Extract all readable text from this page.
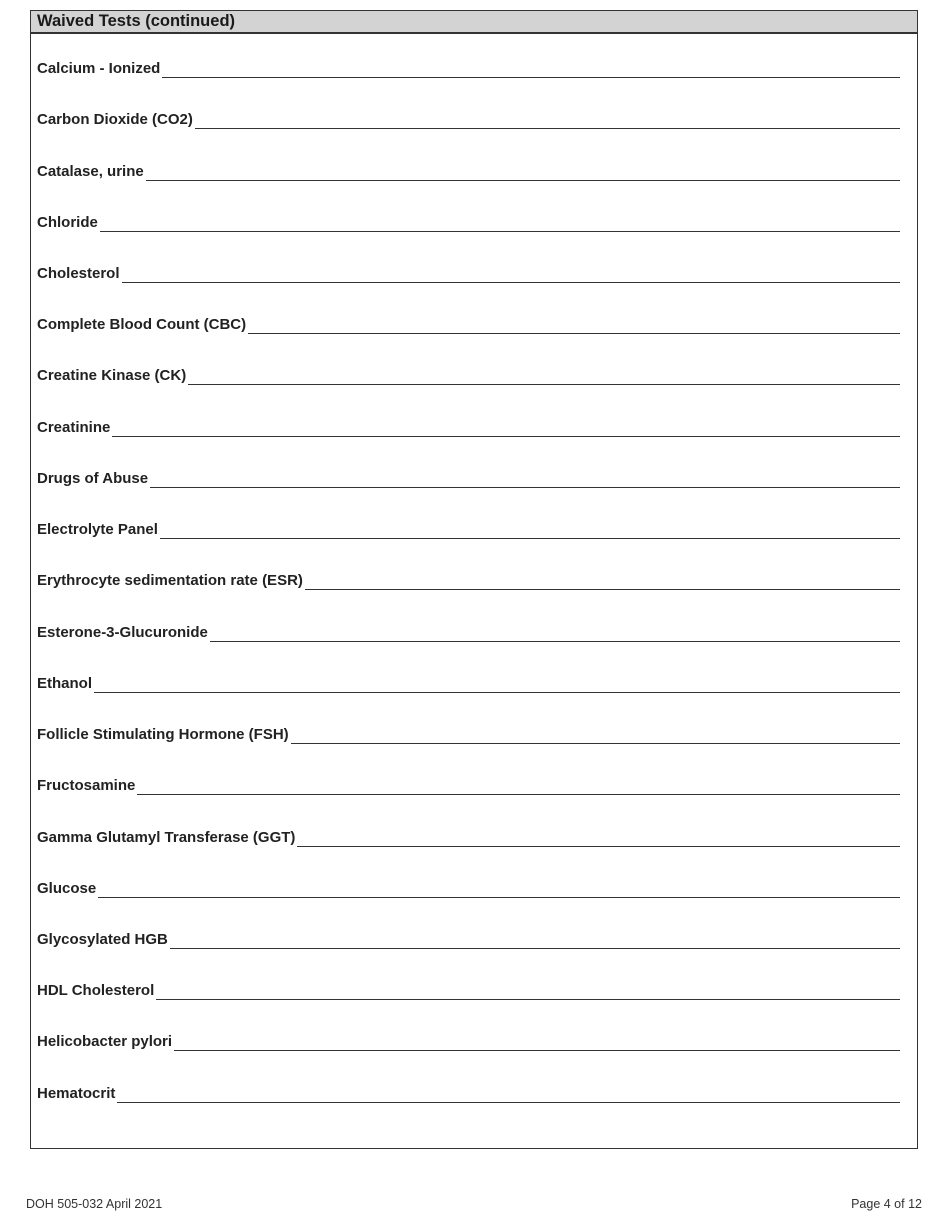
Waived Tests (continued)
Calcium - Ionized
Carbon Dioxide (CO2)
Catalase, urine
Chloride
Cholesterol
Complete Blood Count (CBC)
Creatine Kinase (CK)
Creatinine
Drugs of Abuse
Electrolyte Panel
Erythrocyte sedimentation rate (ESR)
Esterone-3-Glucuronide
Ethanol
Follicle Stimulating Hormone (FSH)
Fructosamine
Gamma Glutamyl Transferase (GGT)
Glucose
Glycosylated HGB
HDL Cholesterol
Helicobacter pylori
Hematocrit
DOH 505-032 April 2021	Page 4 of 12
